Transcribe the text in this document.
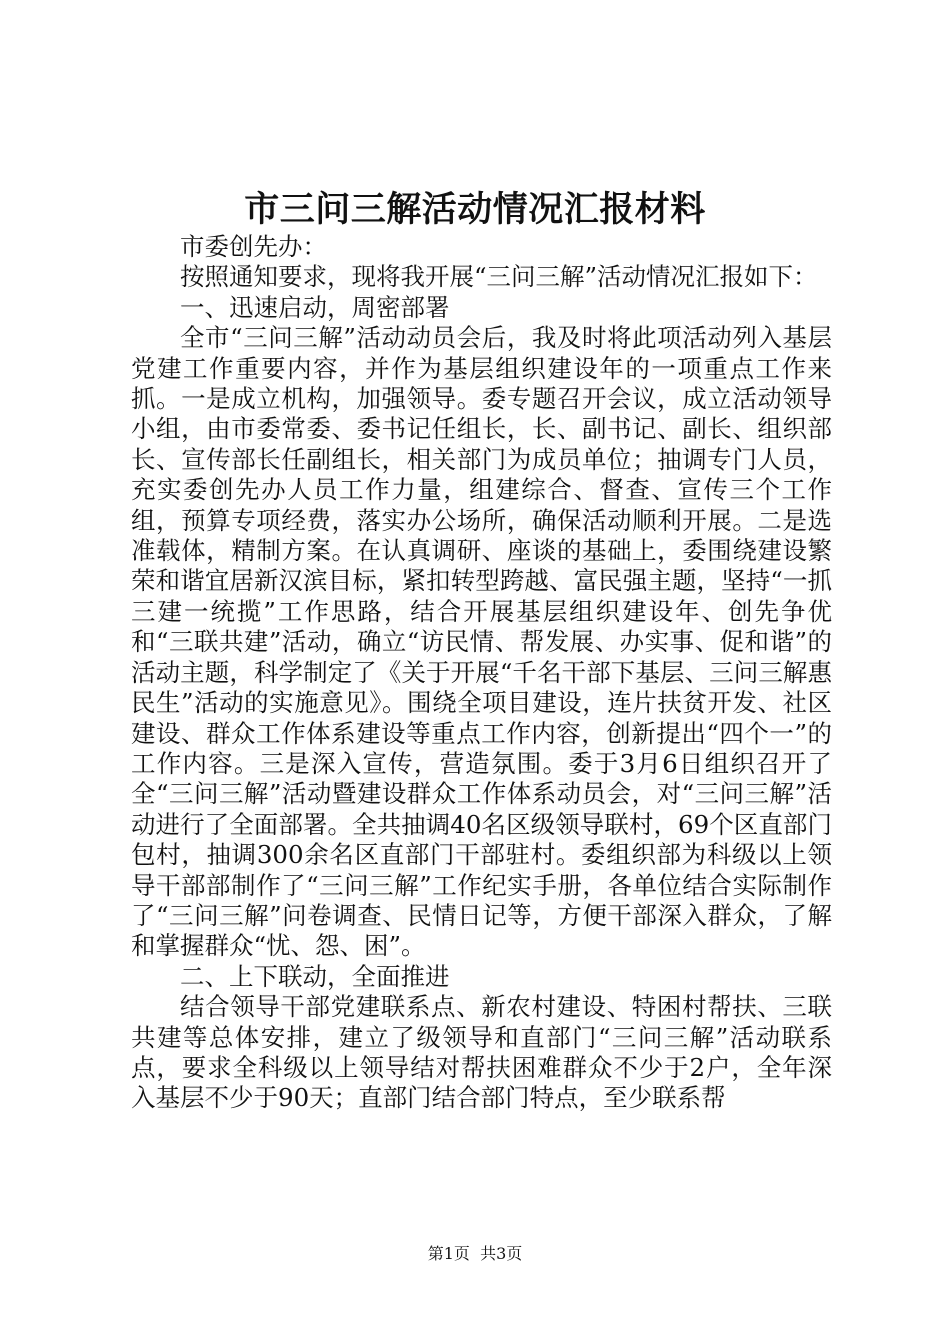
市三问三解活动情况汇报材料

市委创先办：

按照通知要求，现将我开展“三问三解”活动情况汇报如下：

一、迅速启动，周密部署

全市“三问三解”活动动员会后，我及时将此项活动列入基层党建工作重要内容，并作为基层组织建设年的一项重点工作来抓。一是成立机构，加强领导。委专题召开会议，成立活动领导小组，由市委常委、委书记任组长，长、副书记、副长、组织部长、宣传部长任副组长，相关部门为成员单位；抽调专门人员，充实委创先办人员工作力量，组建综合、督查、宣传三个工作组，预算专项经费，落实办公场所，确保活动顺利开展。二是选准载体，精制方案。在认真调研、座谈的基础上，委围绕建设繁荣和谐宜居新汉滨目标，紧扣转型跨越、富民强主题，坚持“一抓三建一统揽”工作思路，结合开展基层组织建设年、创先争优和“三联共建”活动，确立“访民情、帮发展、办实事、促和谐”的活动主题，科学制定了《关于开展“千名干部下基层、三问三解惠民生”活动的实施意见》。围绕全项目建设，连片扶贫开发、社区建设、群众工作体系建设等重点工作内容，创新提出“四个一”的工作内容。三是深入宣传，营造氛围。委于3月6日组织召开了全“三问三解”活动暨建设群众工作体系动员会，对“三问三解”活动进行了全面部署。全共抽调40名区级领导联村，69个区直部门包村，抽调300余名区直部门干部驻村。委组织部为科级以上领导干部部制作了“三问三解”工作纪实手册，各单位结合实际制作了“三问三解”问卷调查、民情日记等，方便干部深入群众，了解和掌握群众“忧、怨、困”。

二、上下联动，全面推进

结合领导干部党建联系点、新农村建设、特困村帮扶、三联共建等总体安排，建立了级领导和直部门“三问三解”活动联系点，要求全科级以上领导结对帮扶困难群众不少于2户，全年深入基层不少于90天；直部门结合部门特点，至少联系帮

第1页  共3页
